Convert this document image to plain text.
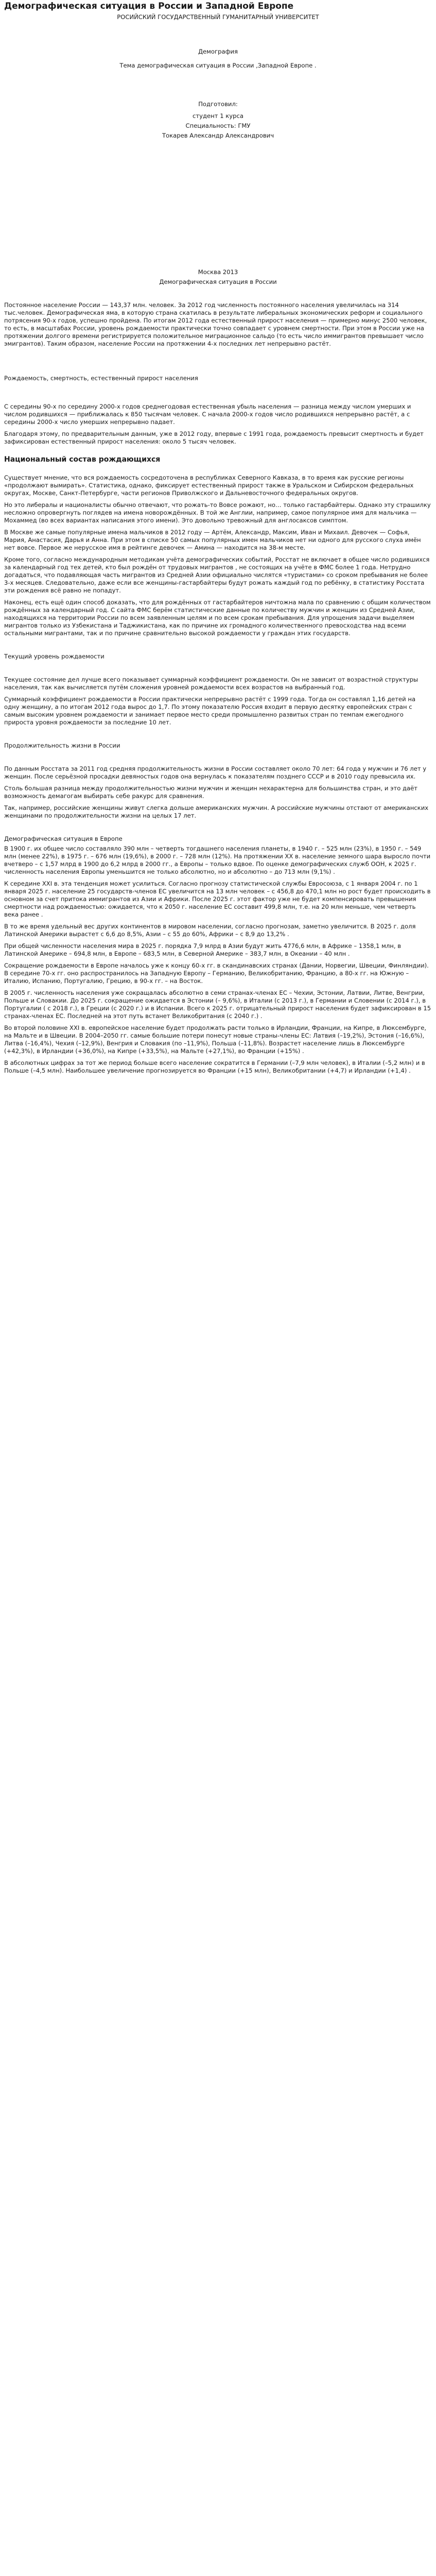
Демографическая ситуация в России и Западной Европе

РОСИЙСКИЙ ГОСУДАРСТВЕННЫЙ ГУМАНИТАРНЫЙ УНИВЕРСИТЕТ

Демография

Тема демографическая ситуация в России ,Западной Европе .

Подготовил:

студент 1 курса

Специальность: ГМУ

Токарев Александр Александрович

Москва 2013

Демографическая ситуация в России

Постоянное население России — 143,37 млн. человек. За 2012 год численность постоянного населения увеличилась на 314 тыс.человек. Демографическая яма, в которую страна скатилась в результате либеральных экономических реформ и социального потрясения 90-х годов, успешно пройдена. По итогам 2012 года естественный прирост населения — примерно минус 2500 человек, то есть, в масштабах России, уровень рождаемости практически точно совпадает с уровнем смертности. При этом в России уже на протяжении долгого времени регистрируется положительное миграционное сальдо (то есть число иммигрантов превышает число эмигрантов). Таким образом, население России на протяжении 4-х последних лет непрерывно растёт.

Рождаемость, смертность, естественный прирост населения

С середины 90-х по середину 2000-х годов среднегодовая естественная убыль населения — разница между числом умерших и числом родившихся — приближалась к 850 тысячам человек. С начала 2000-х годов число родившихся непрерывно растёт, а с середины 2000-х число умерших непрерывно падает.

Благодаря этому, по предварительным данным, уже в 2012 году, впервые с 1991 года, рождаемость превысит смертность и будет зафиксирован естественный прирост населения: около 5 тысяч человек.

Национальный состав рождающихся

Существует мнение, что вся рождаемость сосредоточена в республиках Северного Кавказа, в то время как русские регионы «продолжают вымирать». Статистика, однако, фиксирует естественный прирост также в Уральском и Сибирском федеральных округах, Москве, Санкт-Петербурге, части регионов Приволжского и Дальневосточного федеральных округов.

Но это либералы и националисты обычно отвечают, что рожать-то Вовсе рожают, но… только гастарбайтеры. Однако эту страшилку несложно опровергнуть поглядев на имена новорождённых. В той же Англии, например, самое популярное имя для мальчика — Мохаммед (во всех вариантах написания этого имени). Это довольно тревожный для англосаксов симптом.

В Москве же самые популярные имена мальчиков в 2012 году — Артём, Александр, Максим, Иван и Михаил. Девочек — Софья, Мария, Анастасия, Дарья и Анна. При этом в списке 50 самых популярных имен мальчиков нет ни одного для русского слуха имён нет вовсе. Первое же нерусское имя в рейтинге девочек — Амина — находится на 38-м месте.

Кроме того, согласно международным методикам учёта демографических событий, Росстат не включает в общее число родившихся за календарный год тех детей, кто был рождён от трудовых мигрантов , не состоящих на учёте в ФМС более 1 года. Нетрудно догадаться, что подавляющая часть мигрантов из Средней Азии официально числятся «туристами» со сроком пребывания не более 3-х месяцев. Следовательно, даже если все женщины-гастарбайтеры будут рожать каждый год по ребёнку, в статистику Росстата эти рождения всё равно не попадут.

Наконец, есть ещё один способ доказать, что для рождённых от гастарбайтеров ничтожна мала по сравнению с общим количеством рождённых за календарный год. С сайта ФМС берём статистические данные по количеству мужчин и женщин из Средней Азии, находящихся на территории России по всем заявленным целям и по всем срокам пребывания. Для упрощения задачи выделяем мигрантов только из Узбекистана и Таджикистана, как по причине их громадного количественного превосходства над всеми остальными мигрантами, так и по причине сравнительно высокой рождаемости у граждан этих государств.

Текущий уровень рождаемости

Текущее состояние дел лучше всего показывает суммарный коэффициент рождаемости. Он не зависит от возрастной структуры населения, так как вычисляется путём сложения уровней рождаемости всех возрастов на выбранный год.

Суммарный коэффициент рождаемости в России практически непрерывно растёт с 1999 года. Тогда он составлял 1,16 детей на одну женщину, а по итогам 2012 года вырос до 1,7. По этому показателю Россия входит в первую десятку европейских стран с самым высоким уровнем рождаемости и занимает первое место среди промышленно развитых стран по темпам ежегодного прироста уровня рождаемости за последние 10 лет.

Продолжительность жизни в России

По данным Росстата за 2011 год средняя продолжительность жизни в России составляет около 70 лет: 64 года у мужчин и 76 лет у женщин. После серьёзной просадки девяностых годов она вернулась к показателям позднего СССР и в 2010 году превысила их.

Столь большая разница между продолжительностью жизни мужчин и женщин нехарактерна для большинства стран, и это даёт возможность демагогам выбирать себе ракурс для сравнения.

Так, например, российские женщины живут слегка дольше американских мужчин. А российские мужчины отстают от американских женщинами по продолжительности жизни на целых 17 лет.

Демографическая ситуация в Европе

В 1900 г. их общее число составляло 390 млн – четверть тогдашнего населения планеты, в 1940 г. – 525 млн (23%), в 1950 г. – 549 млн (менее 22%), в 1975 г. – 676 млн (19,6%), в 2000 г. – 728 млн (12%). На протяжении XX в. население земного шара выросло почти вчетверо – с 1,57 млрд в 1900 до 6,2 млрд в 2000 гг., а Европы – только вдвое. По оценке демографических служб ООН, к 2025 г. численность населения Европы уменьшится не только абсолютно, но и абсолютно – до 713 млн (9,1%) .

К середине XXI в. эта тенденция может усилиться. Согласно прогнозу статистической службы Евросоюза, с 1 января 2004 г. по 1 января 2025 г. население 25 государств-членов ЕС увеличится на 13 млн человек – с 456,8 до 470,1 млн но рост будет происходить в основном за счет притока иммигрантов из Азии и Африки. После 2025 г. этот фактор уже не будет компенсировать превышения смертности над рождаемостью: ожидается, что к 2050 г. население ЕС составит 499,8 млн, т.е. на 20 млн меньше, чем четверть века ранее .

В то же время удельный вес других континентов в мировом населении, согласно прогнозам, заметно увеличится. В 2025 г. доля Латинской Америки вырастет с 6,6 до 8,5%, Азии – с 55 до 60%, Африки – с 8,9 до 13,2% .

При общей численности населения мира в 2025 г. порядка 7,9 млрд в Азии будут жить 4776,6 млн, в Африке – 1358,1 млн, в Латинской Америке – 694,8 млн, в Европе – 683,5 млн, в Северной Америке – 383,7 млн, в Океании – 40 млн .

Сокращение рождаемости в Европе началось уже к концу 60-х гг. в скандинавских странах (Дании, Норвегии, Швеции, Финляндии). В середине 70-х гг. оно распространилось на Западную Европу – Германию, Великобританию, Францию, а 80-х гг. на Южную – Италию, Испанию, Португалию, Грецию, в 90-х гг. – на Восток.

В 2005 г. численность населения уже сокращалась абсолютно в семи странах-членах ЕС – Чехии, Эстонии, Латвии, Литве, Венгрии, Польше и Словакии. До 2025 г. сокращение ожидается в Эстонии (– 9,6%), в Италии (с 2013 г.), в Германии и Словении (с 2014 г.), в Португалии ( с 2018 г.), в Греции (с 2020 г.) и в Испании. Всего к 2025 г. отрицательный прирост населения будет зафиксирован в 15 странах-членах ЕС. Последней на этот путь встанет Великобритания (с 2040 г.) .

Во второй половине XXI в. европейское население будет продолжать расти только в Ирландии, Франции, на Кипре, в Люксембурге, на Мальте и в Швеции. В 2004–2050 гг. самые большие потери понесут новые страны-члены ЕС: Латвия (–19,2%), Эстония (–16,6%), Литва (–16,4%), Чехия (–12,9%), Венгрия и Словакия (по –11,9%), Польша (–11,8%). Возрастет население лишь в Люксембурге (+42,3%), в Ирландии (+36,0%), на Кипре (+33,5%), на Мальте (+27,1%), во Франции (+15%) .

В абсолютных цифрах за тот же период больше всего население сократится в Германии (–7,9 млн человек), в Италии (–5,2 млн) и в Польше (–4,5 млн). Наибольшее увеличение прогнозируется во Франции (+15 млн), Великобритании (+4,7) и Ирландии (+1,4) .
